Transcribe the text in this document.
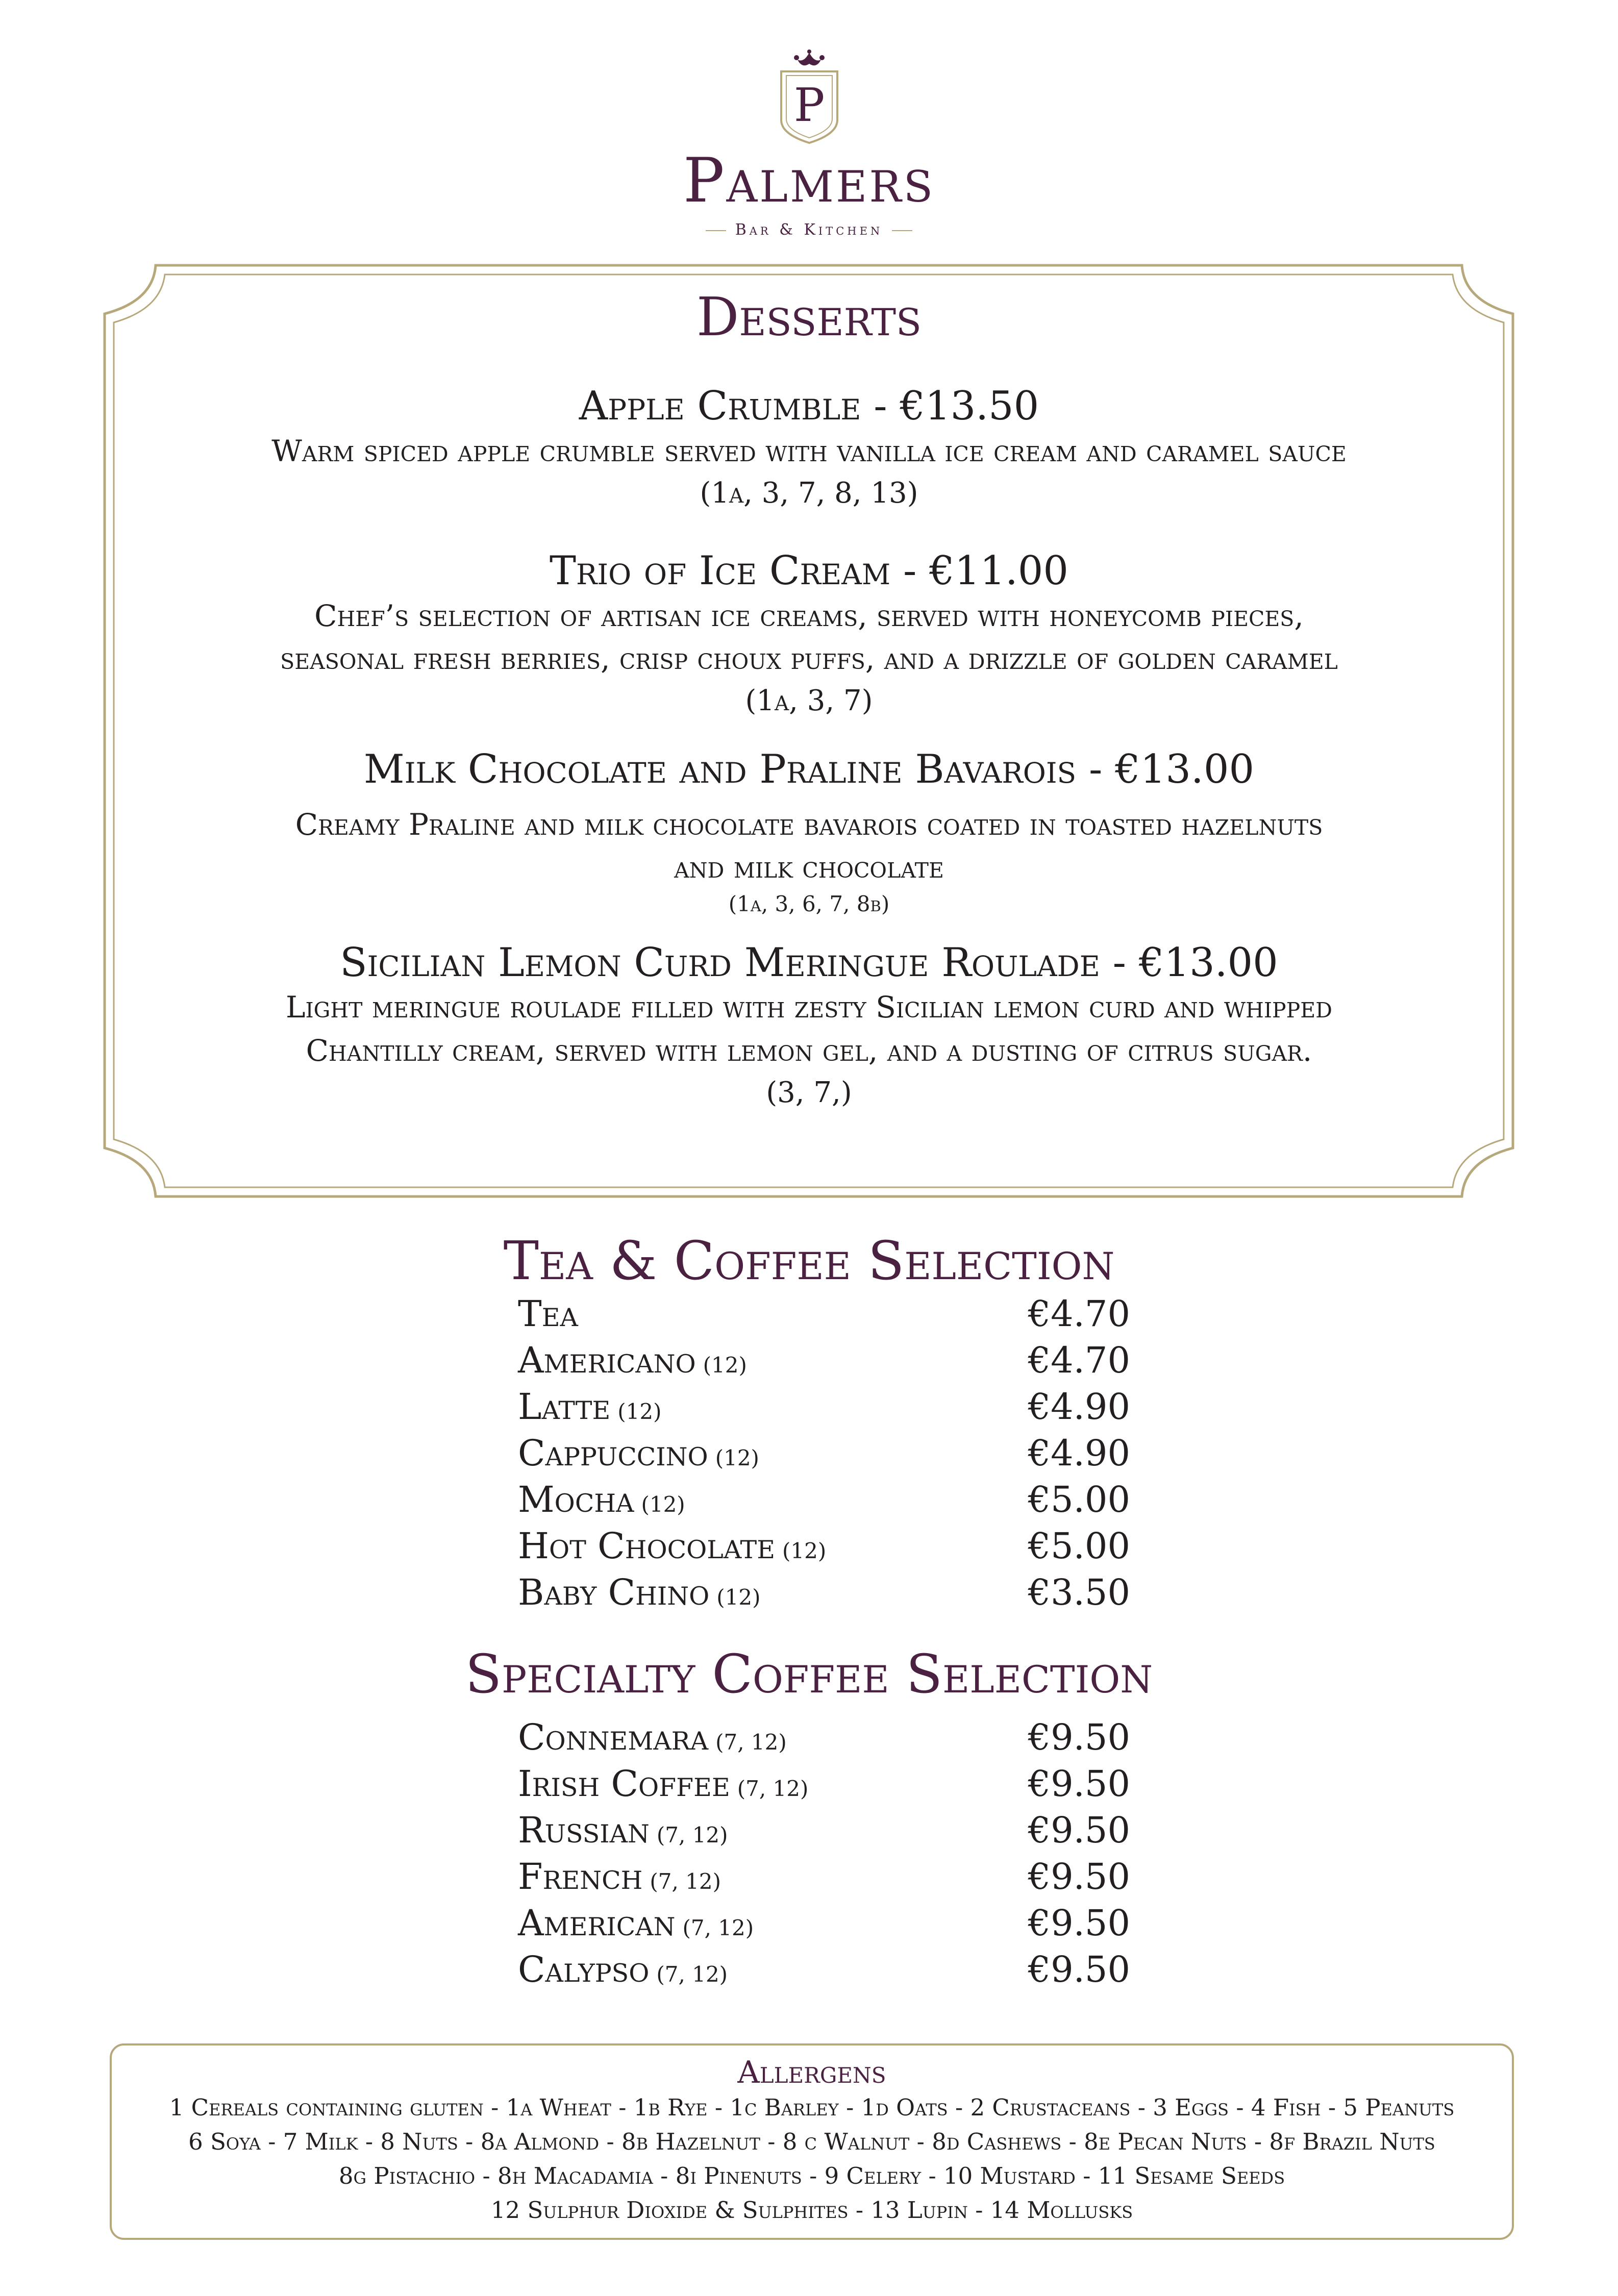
P
Palmers
Bar & Kitchen
Desserts
Apple Crumble - €13.50
Warm spiced apple crumble served with vanilla ice cream and caramel sauce
(1a, 3, 7, 8, 13)
Trio of Ice Cream - €11.00
Chef’s selection of artisan ice creams, served with honeycomb pieces,
seasonal fresh berries, crisp choux puffs, and a drizzle of golden caramel
(1a, 3, 7)
Milk Chocolate and Praline Bavarois - €13.00
Creamy Praline and milk chocolate bavarois coated in toasted hazelnuts
and milk chocolate
(1a, 3, 6, 7, 8b)
Sicilian Lemon Curd Meringue Roulade - €13.00
Light meringue roulade filled with zesty Sicilian lemon curd and whipped
Chantilly cream, served with lemon gel, and a dusting of citrus sugar.
(3, 7,)
Tea & Coffee Selection
Tea	€4.70
Americano (12)	€4.70
Latte (12)	€4.90
Cappuccino (12)	€4.90
Mocha (12)	€5.00
Hot Chocolate (12)	€5.00
Baby Chino (12)	€3.50
Specialty Coffee Selection
Connemara (7, 12)	€9.50
Irish Coffee (7, 12)	€9.50
Russian (7, 12)	€9.50
French (7, 12)	€9.50
American (7, 12)	€9.50
Calypso (7, 12)	€9.50
Allergens
1 Cereals containing gluten - 1a Wheat - 1b Rye - 1c Barley - 1d Oats - 2 Crustaceans - 3 Eggs - 4 Fish - 5 Peanuts
6 Soya - 7 Milk - 8 Nuts - 8a Almond - 8b Hazelnut - 8 c Walnut - 8d Cashews - 8e Pecan Nuts - 8f Brazil Nuts
8g Pistachio - 8h Macadamia - 8i Pinenuts - 9 Celery - 10 Mustard - 11 Sesame Seeds
12 Sulphur Dioxide & Sulphites - 13 Lupin - 14 Mollusks
